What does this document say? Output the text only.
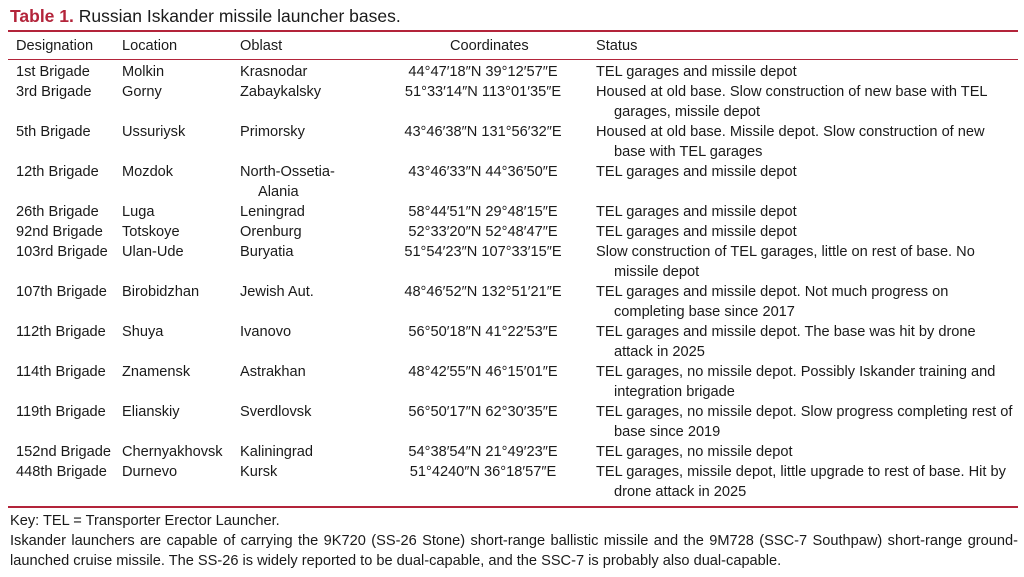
Table 1. Russian Iskander missile launcher bases.
Designation	Location	Oblast	Coordinates	Status
1st Brigade	Molkin	Krasnodar	44°47′18″N 39°12′57″E	TEL garages and missile depot
3rd Brigade	Gorny	Zabaykalsky	51°33′14″N 113°01′35″E	Housed at old base. Slow construction of new base with TEL garages, missile depot
5th Brigade	Ussuriysk	Primorsky	43°46′38″N 131°56′32″E	Housed at old base. Missile depot. Slow construction of new base with TEL garages
12th Brigade	Mozdok	North-Ossetia-Alania	43°46′33″N 44°36′50″E	TEL garages and missile depot
26th Brigade	Luga	Leningrad	58°44′51″N 29°48′15″E	TEL garages and missile depot
92nd Brigade	Totskoye	Orenburg	52°33′20″N 52°48′47″E	TEL garages and missile depot
103rd Brigade	Ulan-Ude	Buryatia	51°54′23″N 107°33′15″E	Slow construction of TEL garages, little on rest of base. No missile depot
107th Brigade	Birobidzhan	Jewish Aut.	48°46′52″N 132°51′21″E	TEL garages and missile depot. Not much progress on completing base since 2017
112th Brigade	Shuya	Ivanovo	56°50′18″N 41°22′53″E	TEL garages and missile depot. The base was hit by drone attack in 2025
114th Brigade	Znamensk	Astrakhan	48°42′55″N 46°15′01″E	TEL garages, no missile depot. Possibly Iskander training and integration brigade
119th Brigade	Elianskiy	Sverdlovsk	56°50′17″N 62°30′35″E	TEL garages, no missile depot. Slow progress completing rest of base since 2019
152nd Brigade	Chernyakhovsk	Kaliningrad	54°38′54″N 21°49′23″E	TEL garages, no missile depot
448th Brigade	Durnevo	Kursk	51°4240″N 36°18′57″E	TEL garages, missile depot, little upgrade to rest of base. Hit by drone attack in 2025

Key: TEL = Transporter Erector Launcher.

Iskander launchers are capable of carrying the 9K720 (SS-26 Stone) short-range ballistic missile and the 9M728 (SSC-7 Southpaw) short-range ground-launched cruise missile. The SS-26 is widely reported to be dual-capable, and the SSC-7 is probably also dual-capable.
